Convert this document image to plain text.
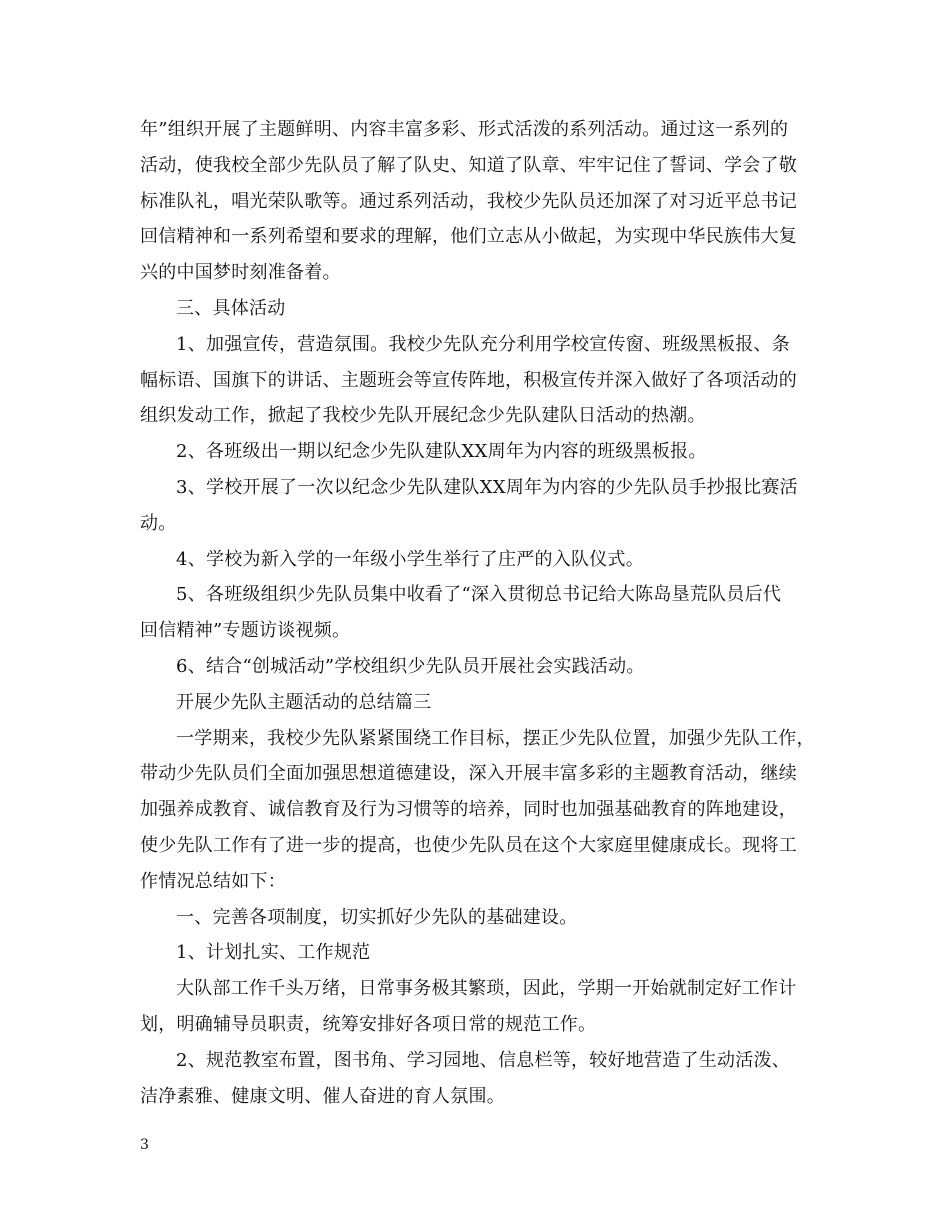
年”组织开展了主题鲜明、内容丰富多彩、形式活泼的系列活动。通过这一系列的
活动，使我校全部少先队员了解了队史、知道了队章、牢牢记住了誓词、学会了敬
标准队礼，唱光荣队歌等。通过系列活动，我校少先队员还加深了对习近平总书记
回信精神和一系列希望和要求的理解，他们立志从小做起，为实现中华民族伟大复
兴的中国梦时刻准备着。
三、具体活动
1、加强宣传，营造氛围。我校少先队充分利用学校宣传窗、班级黑板报、条
幅标语、国旗下的讲话、主题班会等宣传阵地，积极宣传并深入做好了各项活动的
组织发动工作，掀起了我校少先队开展纪念少先队建队日活动的热潮。
2、各班级出一期以纪念少先队建队XX周年为内容的班级黑板报。
3、学校开展了一次以纪念少先队建队XX周年为内容的少先队员手抄报比赛活
动。
4、学校为新入学的一年级小学生举行了庄严的入队仪式。
5、各班级组织少先队员集中收看了“深入贯彻总书记给大陈岛垦荒队员后代
回信精神”专题访谈视频。
6、结合“创城活动”学校组织少先队员开展社会实践活动。
开展少先队主题活动的总结篇三
一学期来，我校少先队紧紧围绕工作目标，摆正少先队位置，加强少先队工作，
带动少先队员们全面加强思想道德建设，深入开展丰富多彩的主题教育活动，继续
加强养成教育、诚信教育及行为习惯等的培养，同时也加强基础教育的阵地建设，
使少先队工作有了进一步的提高，也使少先队员在这个大家庭里健康成长。现将工
作情况总结如下：
一、完善各项制度，切实抓好少先队的基础建设。
1、计划扎实、工作规范
大队部工作千头万绪，日常事务极其繁琐，因此，学期一开始就制定好工作计
划，明确辅导员职责，统筹安排好各项日常的规范工作。
2、规范教室布置，图书角、学习园地、信息栏等，较好地营造了生动活泼、
洁净素雅、健康文明、催人奋进的育人氛围。
3
